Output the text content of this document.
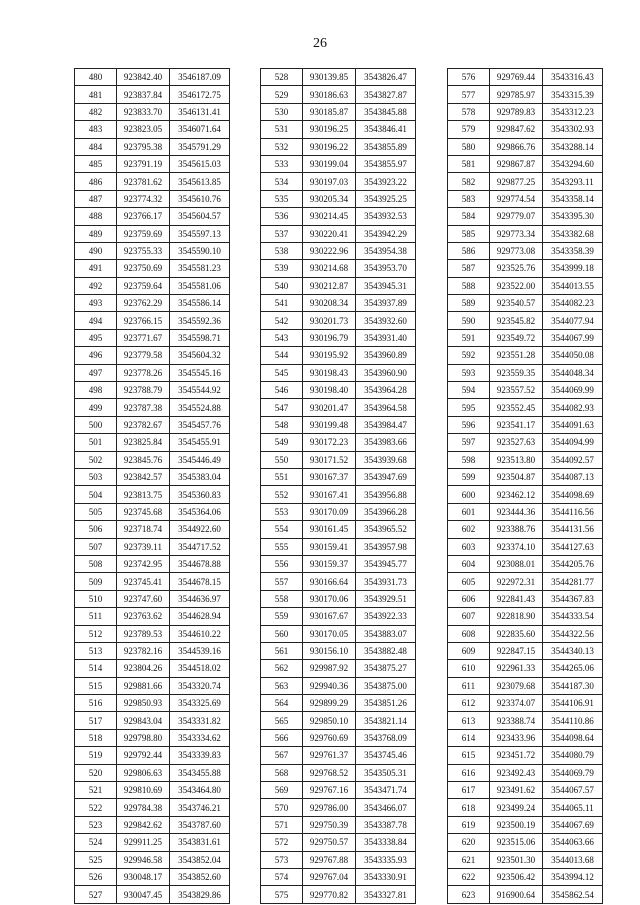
26
480	923842.40	3546187.09
481	923837.84	3546172.75
482	923833.70	3546131.41
483	923823.05	3546071.64
484	923795.38	3545791.29
485	923791.19	3545615.03
486	923781.62	3545613.85
487	923774.32	3545610.76
488	923766.17	3545604.57
489	923759.69	3545597.13
490	923755.33	3545590.10
491	923750.69	3545581.23
492	923759.64	3545581.06
493	923762.29	3545586.14
494	923766.15	3545592.36
495	923771.67	3545598.71
496	923779.58	3545604.32
497	923778.26	3545545.16
498	923788.79	3545544.92
499	923787.38	3545524.88
500	923782.67	3545457.76
501	923825.84	3545455.91
502	923845.76	3545446.49
503	923842.57	3545383.04
504	923813.75	3545360.83
505	923745.68	3545364.06
506	923718.74	3544922.60
507	923739.11	3544717.52
508	923742.95	3544678.88
509	923745.41	3544678.15
510	923747.60	3544636.97
511	923763.62	3544628.94
512	923789.53	3544610.22
513	923782.16	3544539.16
514	923804.26	3544518.02
515	929881.66	3543320.74
516	929850.93	3543325.69
517	929843.04	3543331.82
518	929798.80	3543334.62
519	929792.44	3543339.83
520	929806.63	3543455.88
521	929810.69	3543464.80
522	929784.38	3543746.21
523	929842.62	3543787.60
524	929911.25	3543831.61
525	929946.58	3543852.04
526	930048.17	3543852.60
527	930047.45	3543829.86
528	930139.85	3543826.47
529	930186.63	3543827.87
530	930185.87	3543845.88
531	930196.25	3543846.41
532	930196.22	3543855.89
533	930199.04	3543855.97
534	930197.03	3543923.22
535	930205.34	3543925.25
536	930214.45	3543932.53
537	930220.41	3543942.29
538	930222.96	3543954.38
539	930214.68	3543953.70
540	930212.87	3543945.31
541	930208.34	3543937.89
542	930201.73	3543932.60
543	930196.79	3543931.40
544	930195.92	3543960.89
545	930198.43	3543960.90
546	930198.40	3543964.28
547	930201.47	3543964.58
548	930199.48	3543984.47
549	930172.23	3543983.66
550	930171.52	3543939.68
551	930167.37	3543947.69
552	930167.41	3543956.88
553	930170.09	3543966.28
554	930161.45	3543965.52
555	930159.41	3543957.98
556	930159.37	3543945.77
557	930166.64	3543931.73
558	930170.06	3543929.51
559	930167.67	3543922.33
560	930170.05	3543883.07
561	930156.10	3543882.48
562	929987.92	3543875.27
563	929940.36	3543875.00
564	929899.29	3543851.26
565	929850.10	3543821.14
566	929760.69	3543768.09
567	929761.37	3543745.46
568	929768.52	3543505.31
569	929767.16	3543471.74
570	929786.00	3543466.07
571	929750.39	3543387.78
572	929750.57	3543338.84
573	929767.88	3543335.93
574	929767.04	3543330.91
575	929770.82	3543327.81
576	929769.44	3543316.43
577	929785.97	3543315.39
578	929789.83	3543312.23
579	929847.62	3543302.93
580	929866.76	3543288.14
581	929867.87	3543294.60
582	929877.25	3543293.11
583	929774.54	3543358.14
584	929779.07	3543395.30
585	929773.34	3543382.68
586	929773.08	3543358.39
587	923525.76	3543999.18
588	923522.00	3544013.55
589	923540.57	3544082.23
590	923545.82	3544077.94
591	923549.72	3544067.99
592	923551.28	3544050.08
593	923559.35	3544048.34
594	923557.52	3544069.99
595	923552.45	3544082.93
596	923541.17	3544091.63
597	923527.63	3544094.99
598	923513.80	3544092.57
599	923504.87	3544087.13
600	923462.12	3544098.69
601	923444.36	3544116.56
602	923388.76	3544131.56
603	923374.10	3544127.63
604	923088.01	3544205.76
605	922972.31	3544281.77
606	922841.43	3544367.83
607	922818.90	3544333.54
608	922835.60	3544322.56
609	922847.15	3544340.13
610	922961.33	3544265.06
611	923079.68	3544187.30
612	923374.07	3544106.91
613	923388.74	3544110.86
614	923433.96	3544098.64
615	923451.72	3544080.79
616	923492.43	3544069.79
617	923491.62	3544067.57
618	923499.24	3544065.11
619	923500.19	3544067.69
620	923515.06	3544063.66
621	923501.30	3544013.68
622	923506.42	3543994.12
623	916900.64	3545862.54
